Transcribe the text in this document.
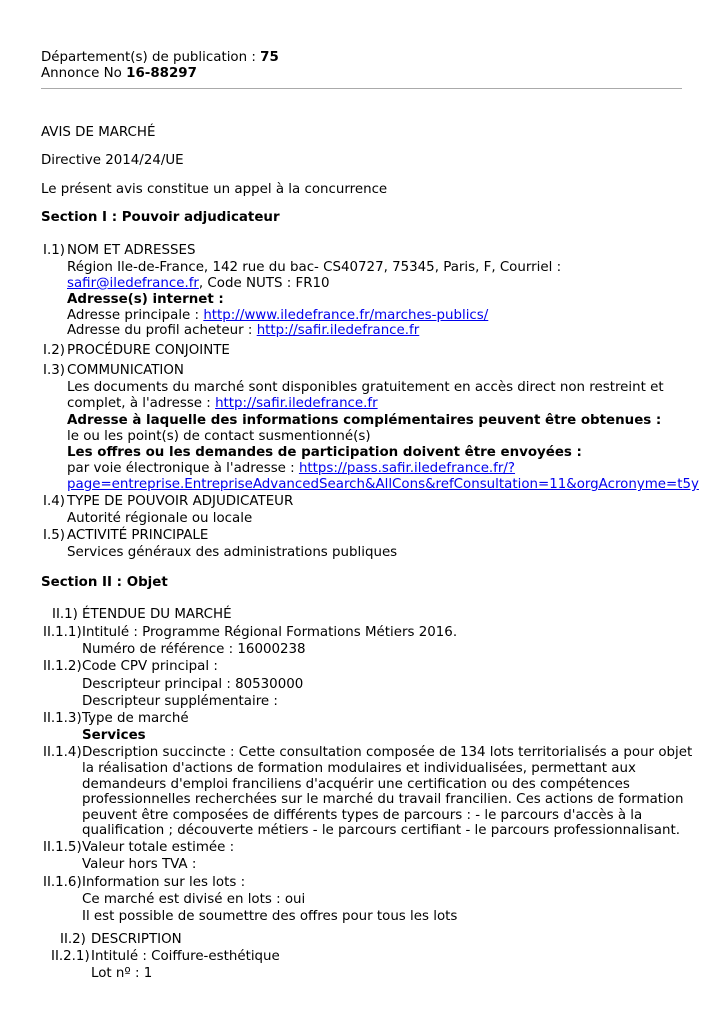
Département(s) de publication : 75
Annonce No 16-88297
AVIS DE MARCHÉ
Directive 2014/24/UE
Le présent avis constitue un appel à la concurrence
Section I : Pouvoir adjudicateur
I.1) NOM ET ADRESSES
Région Ile-de-France, 142 rue du bac- CS40727, 75345, Paris, F, Courriel :
safir@iledefrance.fr, Code NUTS : FR10
Adresse(s) internet :
Adresse principale : http://www.iledefrance.fr/marches-publics/
Adresse du profil acheteur : http://safir.iledefrance.fr
I.2) PROCÉDURE CONJOINTE
I.3) COMMUNICATION
Les documents du marché sont disponibles gratuitement en accès direct non restreint et
complet, à l'adresse : http://safir.iledefrance.fr
Adresse à laquelle des informations complémentaires peuvent être obtenues :
le ou les point(s) de contact susmentionné(s)
Les offres ou les demandes de participation doivent être envoyées :
par voie électronique à l'adresse : https://pass.safir.iledefrance.fr/?
page=entreprise.EntrepriseAdvancedSearch&AllCons&refConsultation=11&orgAcronyme=t5y
I.4) TYPE DE POUVOIR ADJUDICATEUR
Autorité régionale ou locale
I.5) ACTIVITÉ PRINCIPALE
Services généraux des administrations publiques
Section II : Objet
II.1) ÉTENDUE DU MARCHÉ
II.1.1) Intitulé : Programme Régional Formations Métiers 2016.
Numéro de référence : 16000238
II.1.2) Code CPV principal :
Descripteur principal : 80530000
Descripteur supplémentaire :
II.1.3) Type de marché
Services
II.1.4) Description succincte : Cette consultation composée de 134 lots territorialisés a pour objet
la réalisation d'actions de formation modulaires et individualisées, permettant aux
demandeurs d'emploi franciliens d'acquérir une certification ou des compétences
professionnelles recherchées sur le marché du travail francilien. Ces actions de formation
peuvent être composées de différents types de parcours : - le parcours d'accès à la
qualification ; découverte métiers - le parcours certifiant - le parcours professionnalisant.
II.1.5) Valeur totale estimée :
Valeur hors TVA :
II.1.6) Information sur les lots :
Ce marché est divisé en lots : oui
Il est possible de soumettre des offres pour tous les lots
II.2) DESCRIPTION
II.2.1) Intitulé : Coiffure-esthétique
Lot nº : 1
